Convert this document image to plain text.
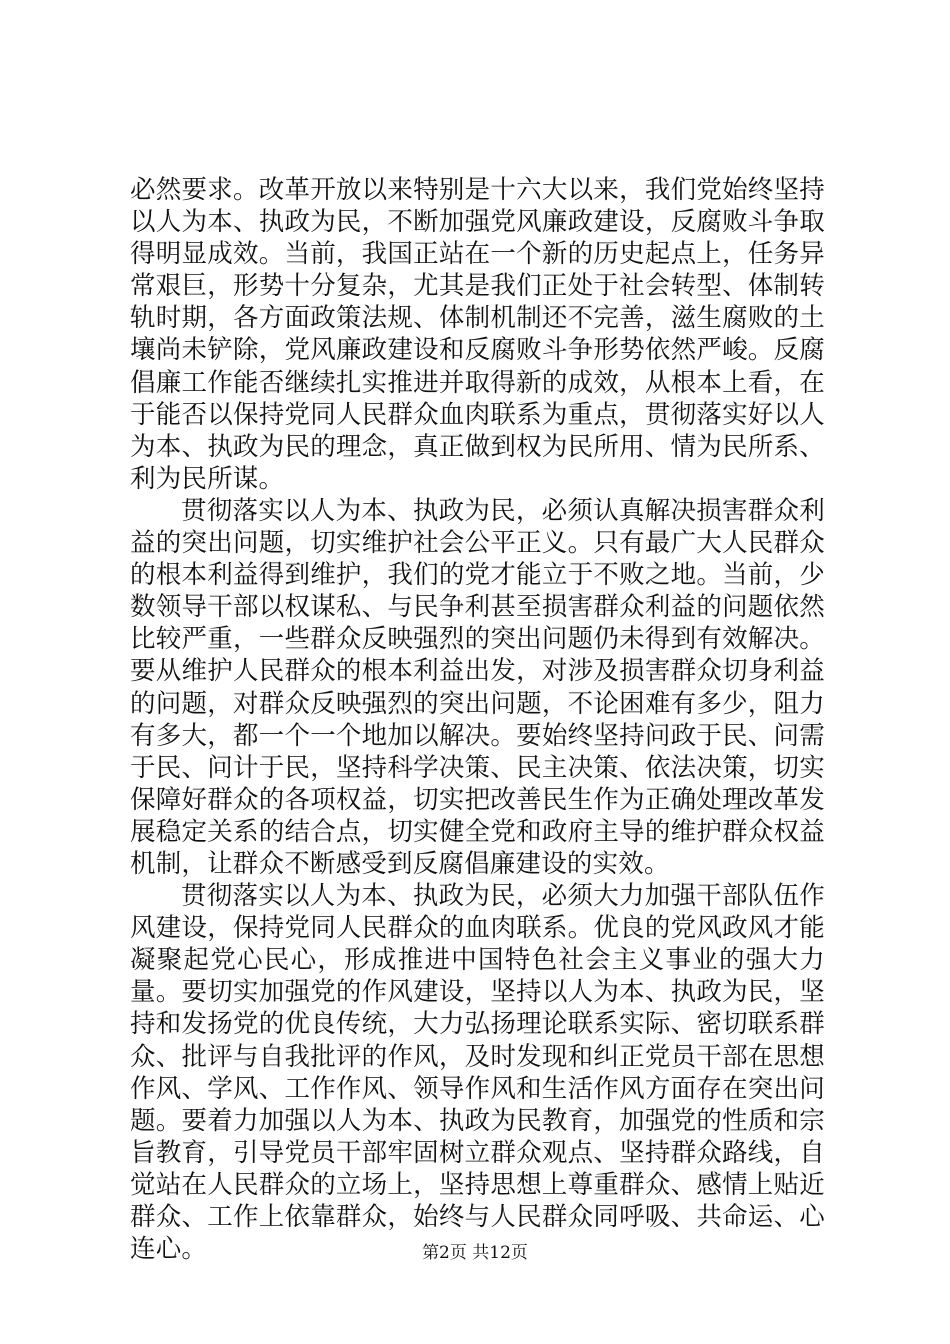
必然要求。改革开放以来特别是十六大以来，我们党始终坚持以人为本、执政为民，不断加强党风廉政建设，反腐败斗争取得明显成效。当前，我国正站在一个新的历史起点上，任务异常艰巨，形势十分复杂，尤其是我们正处于社会转型、体制转轨时期，各方面政策法规、体制机制还不完善，滋生腐败的土壤尚未铲除，党风廉政建设和反腐败斗争形势依然严峻。反腐倡廉工作能否继续扎实推进并取得新的成效，从根本上看，在于能否以保持党同人民群众血肉联系为重点，贯彻落实好以人为本、执政为民的理念，真正做到权为民所用、情为民所系、利为民所谋。

贯彻落实以人为本、执政为民，必须认真解决损害群众利益的突出问题，切实维护社会公平正义。只有最广大人民群众的根本利益得到维护，我们的党才能立于不败之地。当前，少数领导干部以权谋私、与民争利甚至损害群众利益的问题依然比较严重，一些群众反映强烈的突出问题仍未得到有效解决。要从维护人民群众的根本利益出发，对涉及损害群众切身利益的问题，对群众反映强烈的突出问题，不论困难有多少，阻力有多大，都一个一个地加以解决。要始终坚持问政于民、问需于民、问计于民，坚持科学决策、民主决策、依法决策，切实保障好群众的各项权益，切实把改善民生作为正确处理改革发展稳定关系的结合点，切实健全党和政府主导的维护群众权益机制，让群众不断感受到反腐倡廉建设的实效。

贯彻落实以人为本、执政为民，必须大力加强干部队伍作风建设，保持党同人民群众的血肉联系。优良的党风政风才能凝聚起党心民心，形成推进中国特色社会主义事业的强大力量。要切实加强党的作风建设，坚持以人为本、执政为民，坚持和发扬党的优良传统，大力弘扬理论联系实际、密切联系群众、批评与自我批评的作风，及时发现和纠正党员干部在思想作风、学风、工作作风、领导作风和生活作风方面存在突出问题。要着力加强以人为本、执政为民教育，加强党的性质和宗旨教育，引导党员干部牢固树立群众观点、坚持群众路线，自觉站在人民群众的立场上，坚持思想上尊重群众、感情上贴近群众、工作上依靠群众，始终与人民群众同呼吸、共命运、心连心。	第2页 共12页
